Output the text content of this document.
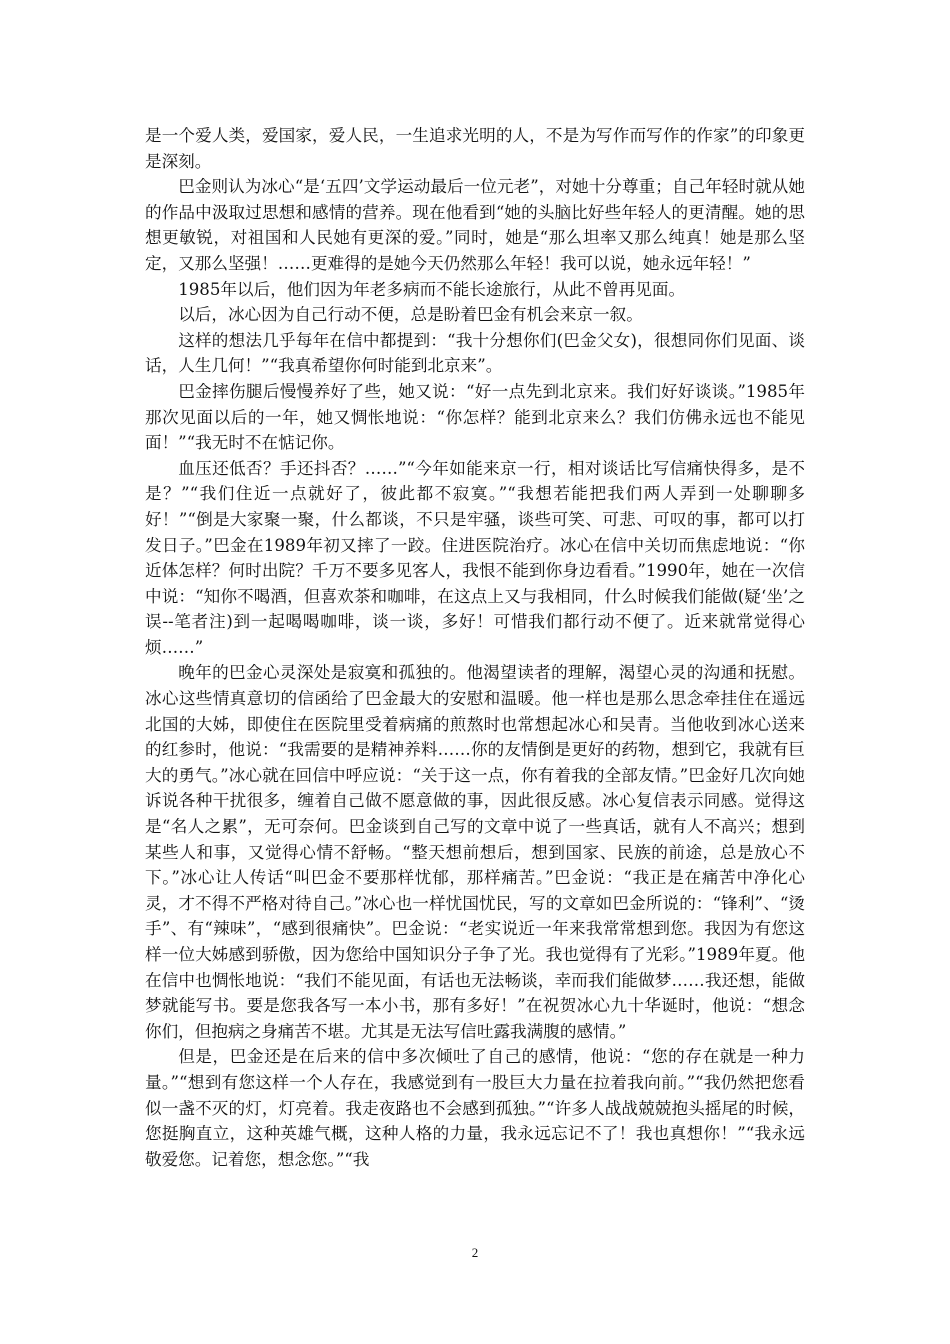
是一个爱人类，爱国家，爱人民，一生追求光明的人，不是为写作而写作的作家”的印象更是深刻。

巴金则认为冰心“是‘五四’文学运动最后一位元老”，对她十分尊重；自己年轻时就从她的作品中汲取过思想和感情的营养。现在他看到“她的头脑比好些年轻人的更清醒。她的思想更敏锐，对祖国和人民她有更深的爱。”同时，她是“那么坦率又那么纯真！她是那么坚定，又那么坚强！……更难得的是她今天仍然那么年轻！我可以说，她永远年轻！”

1985年以后，他们因为年老多病而不能长途旅行，从此不曾再见面。

以后，冰心因为自己行动不便，总是盼着巴金有机会来京一叙。

这样的想法几乎每年在信中都提到：“我十分想你们(巴金父女)，很想同你们见面、谈话，人生几何！”“我真希望你何时能到北京来”。

巴金摔伤腿后慢慢养好了些，她又说：“好一点先到北京来。我们好好谈谈。”1985年那次见面以后的一年，她又惆怅地说：“你怎样？能到北京来么？我们仿佛永远也不能见面！”“我无时不在惦记你。

血压还低否？手还抖否？……”“今年如能来京一行，相对谈话比写信痛快得多，是不是？”“我们住近一点就好了，彼此都不寂寞。”“我想若能把我们两人弄到一处聊聊多好！”“倒是大家聚一聚，什么都谈，不只是牢骚，谈些可笑、可悲、可叹的事，都可以打发日子。”巴金在1989年初又摔了一跤。住进医院治疗。冰心在信中关切而焦虑地说：“你近体怎样？何时出院？千万不要多见客人，我恨不能到你身边看看。”1990年，她在一次信中说：“知你不喝酒，但喜欢茶和咖啡，在这点上又与我相同，什么时候我们能做(疑‘坐’之误--笔者注)到一起喝喝咖啡，谈一谈，多好！可惜我们都行动不便了。近来就常觉得心烦……”

晚年的巴金心灵深处是寂寞和孤独的。他渴望读者的理解，渴望心灵的沟通和抚慰。冰心这些情真意切的信函给了巴金最大的安慰和温暖。他一样也是那么思念牵挂住在遥远北国的大姊，即使住在医院里受着病痛的煎熬时也常想起冰心和吴青。当他收到冰心送来的红参时，他说：“我需要的是精神养料……你的友情倒是更好的药物，想到它，我就有巨大的勇气。”冰心就在回信中呼应说：“关于这一点，你有着我的全部友情。”巴金好几次向她诉说各种干扰很多，缠着自己做不愿意做的事，因此很反感。冰心复信表示同感。觉得这是“名人之累”，无可奈何。巴金谈到自己写的文章中说了一些真话，就有人不高兴；想到某些人和事，又觉得心情不舒畅。“整天想前想后，想到国家、民族的前途，总是放心不下。”冰心让人传话“叫巴金不要那样忧郁，那样痛苦。”巴金说：“我正是在痛苦中净化心灵，才不得不严格对待自己。”冰心也一样忧国忧民，写的文章如巴金所说的：“锋利”、“烫手”、有“辣味”，“感到很痛快”。巴金说：“老实说近一年来我常常想到您。我因为有您这样一位大姊感到骄傲，因为您给中国知识分子争了光。我也觉得有了光彩。”1989年夏。他在信中也惆怅地说：“我们不能见面，有话也无法畅谈，幸而我们能做梦……我还想，能做梦就能写书。要是您我各写一本小书，那有多好！”在祝贺冰心九十华诞时，他说：“想念你们，但抱病之身痛苦不堪。尤其是无法写信吐露我满腹的感情。”

但是，巴金还是在后来的信中多次倾吐了自己的感情，他说：“您的存在就是一种力量。”“想到有您这样一个人存在，我感觉到有一股巨大力量在拉着我向前。”“我仍然把您看似一盏不灭的灯，灯亮着。我走夜路也不会感到孤独。”“许多人战战兢兢抱头摇尾的时候，您挺胸直立，这种英雄气概，这种人格的力量，我永远忘记不了！我也真想你！”“我永远敬爱您。记着您，想念您。”“我

2
